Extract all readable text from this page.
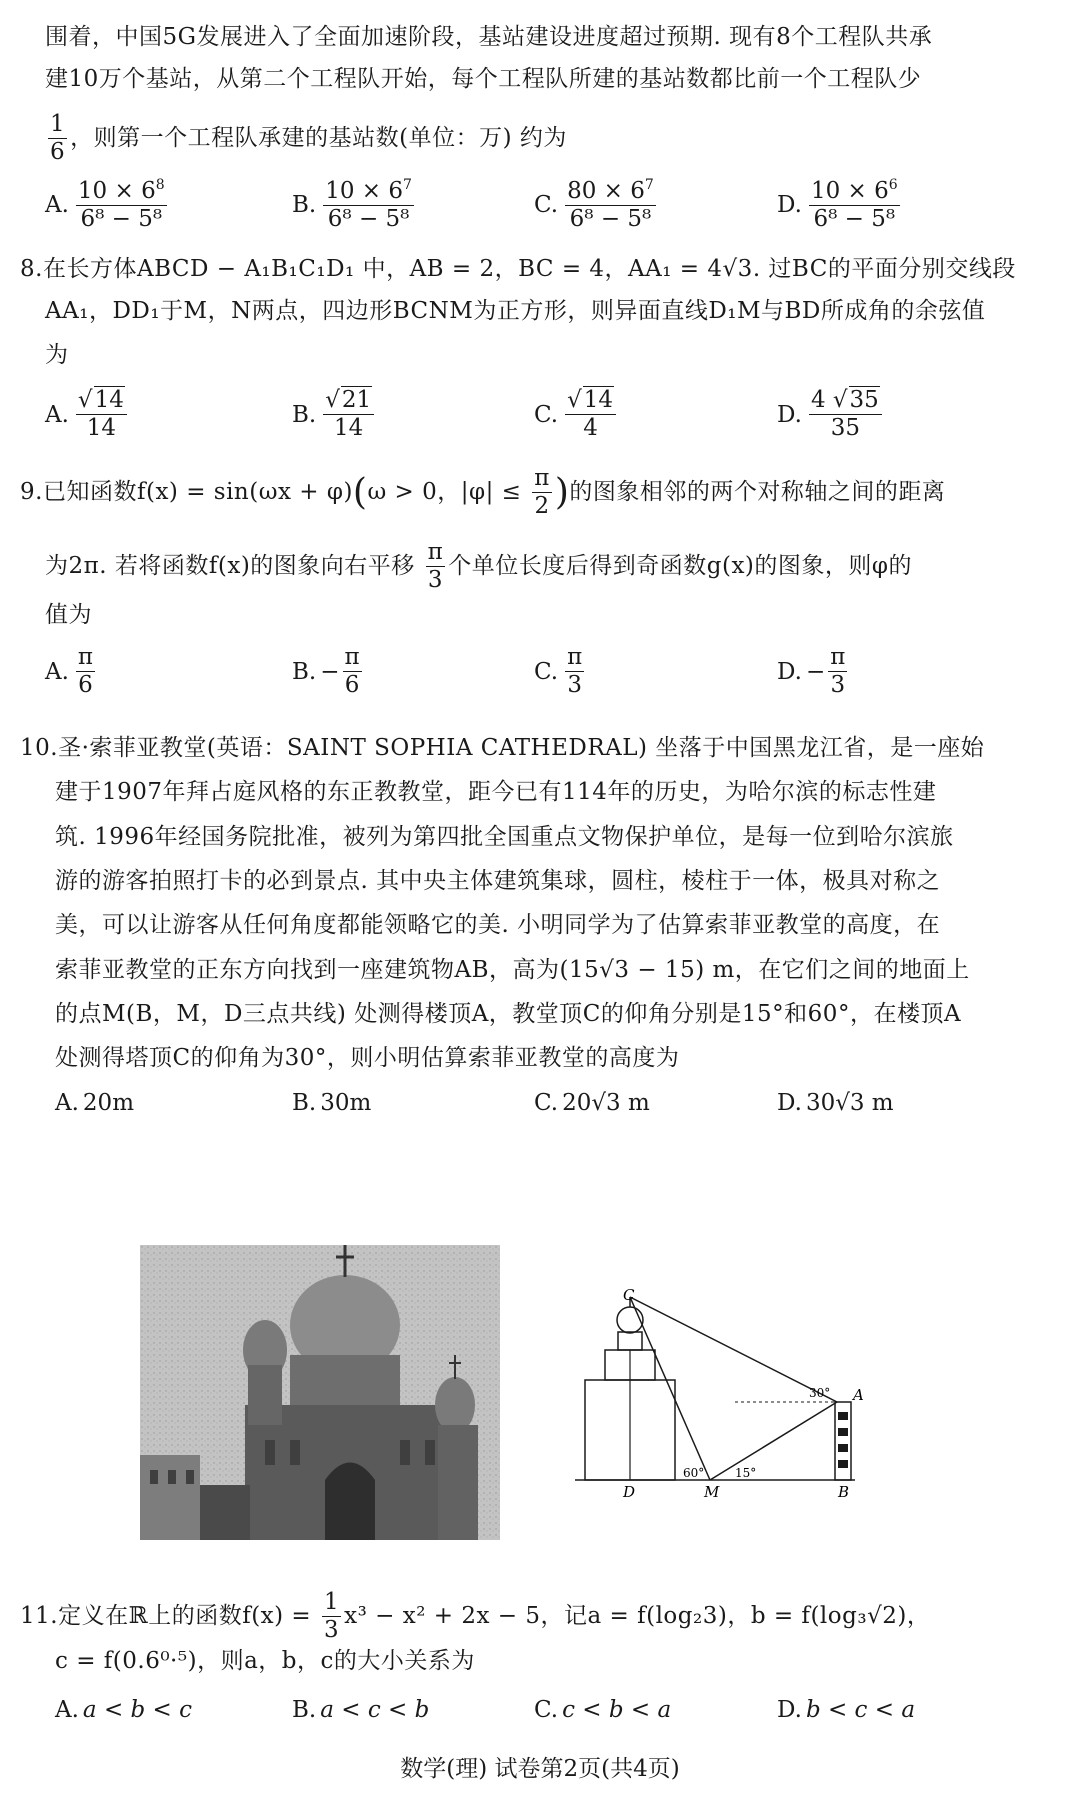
围着，中国5G发展进入了全面加速阶段，基站建设进度超过预期. 现有8个工程队共承
建10万个基站，从第二个工程队开始，每个工程队所建的基站数都比前一个工程队少
$\frac{1}{6}$ ，则第一个工程队承建的基站数(单位：万) 约为
A. $\frac{10 \times 6^8}{\text{6⁸ − 5⁸}}$	B. $\frac{10 \times 6^7}{\text{6⁸ − 5⁸}}$	C. $\frac{80 \times 6^7}{\text{6⁸ − 5⁸}}$	D. $\frac{10 \times 6^6}{\text{6⁸ − 5⁸}}$
8.在长方体ABCD − A₁B₁C₁D₁ 中，AB = 2，BC = 4，AA₁ = 4√3. 过BC的平面分别交线段
AA₁，DD₁于M，N两点，四边形BCNM为正方形，则异面直线D₁M与BD所成角的余弦值
为
A. $\frac{√14}{14}$	B. $\frac{√21}{14}$	C. $\frac{√14}{4}$	D. $\frac{4 √35}{35}$
9.已知函数f(x) = sin(ωx + φ)(ω > 0，$|\varphi| \le \frac{\pi}{2}$ )的图象相邻的两个对称轴之间的距离
为2π. 若将函数f(x)的图象向右平移 $\frac{\pi}{3}$ 个单位长度后得到奇函数g(x)的图象，则φ的
值为
A. $\frac{\pi}{6}$	B. − $\frac{\pi}{6}$	C. $\frac{\pi}{3}$	D. − $\frac{\pi}{3}$
10.圣·索菲亚教堂(英语：SAINT SOPHIA CATHEDRAL) 坐落于中国黑龙江省，是一座始
建于1907年拜占庭风格的东正教教堂，距今已有114年的历史，为哈尔滨的标志性建
筑. 1996年经国务院批准，被列为第四批全国重点文物保护单位，是每一位到哈尔滨旅
游的游客拍照打卡的必到景点. 其中央主体建筑集球，圆柱，棱柱于一体，极具对称之
美，可以让游客从任何角度都能领略它的美. 小明同学为了估算索菲亚教堂的高度，在
索菲亚教堂的正东方向找到一座建筑物AB，高为(15√3 − 15) m，在它们之间的地面上
的点M(B，M，D三点共线) 处测得楼顶A，教堂顶C的仰角分别是15°和60°，在楼顶A
处测得塔顶C的仰角为30°，则小明估算索菲亚教堂的高度为
A. 20m	B. 30m	C. 20√3 m	D. 30√3 m
C
A
D	M	B
30°
60°	15°
11.定义在ℝ上的函数$f(x) = \frac{1}{3} x^3 - x^2 + 2x - 5$，记a = f(log₂3)，b = f(log₃√2)，
c = f(0.6⁰·⁵)，则a，b，c的大小关系为
A. a < b < c	B. a < c < b	C. c < b < a	D. b < c < a
数学(理) 试卷第2页(共4页)
